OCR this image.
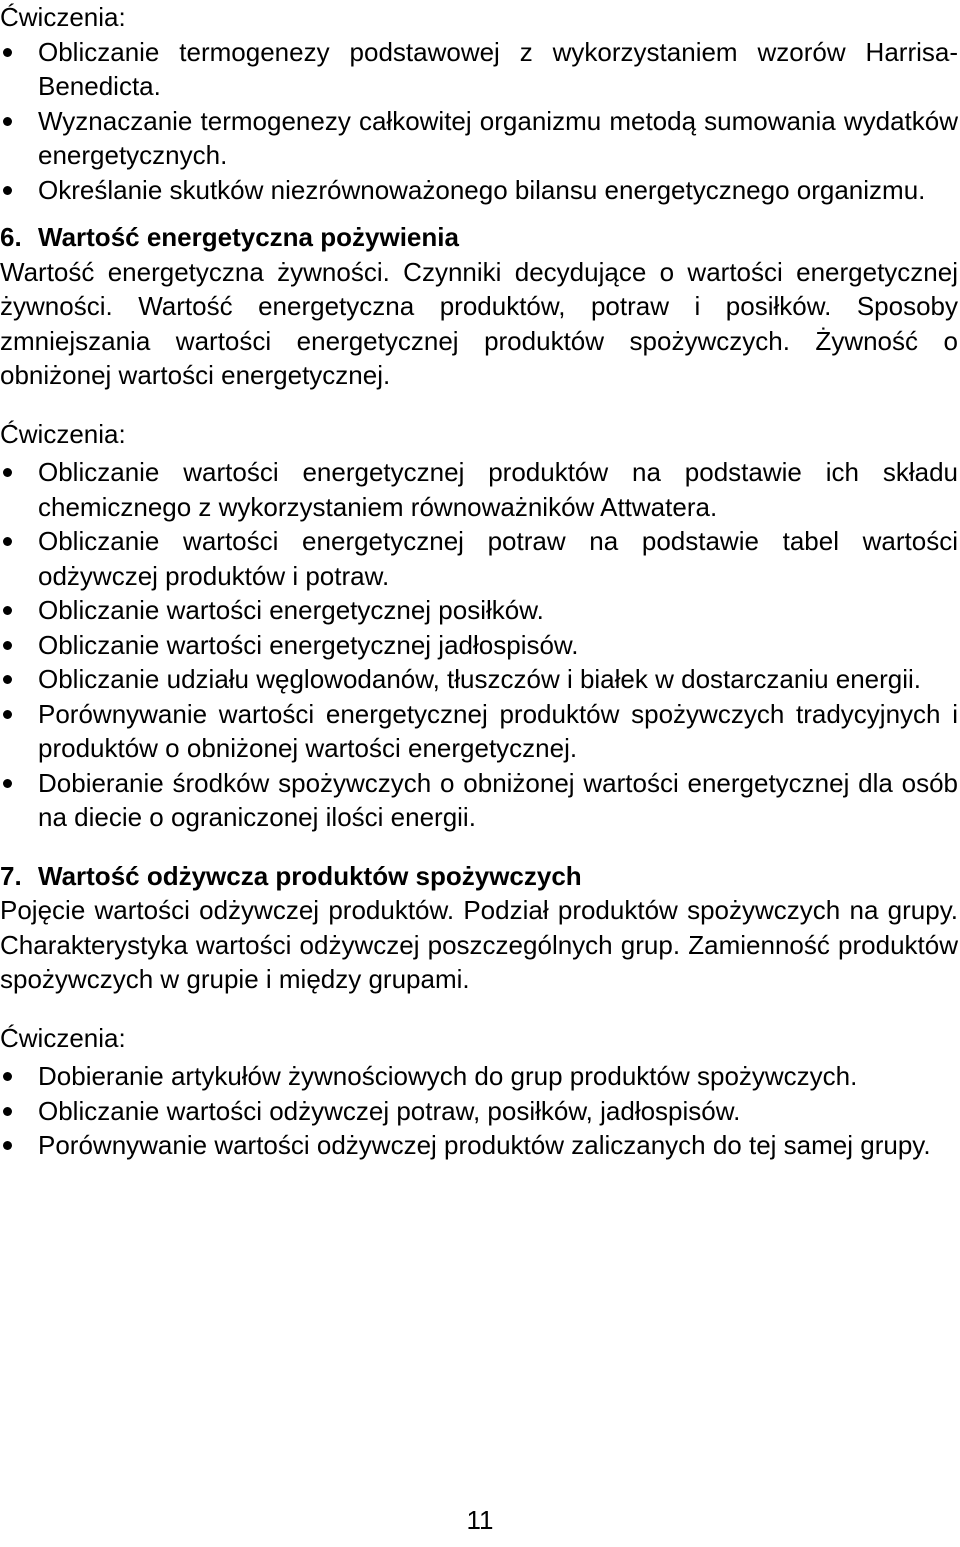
Ćwiczenia:

Obliczanie termogenezy podstawowej z wykorzystaniem wzorów Harrisa-Benedicta.
Wyznaczanie termogenezy całkowitej organizmu metodą sumowania wydatków energetycznych.
Określanie skutków niezrównoważonego bilansu energetycznego organizmu.

6. Wartość energetyczna pożywienia

Wartość energetyczna żywności. Czynniki decydujące o wartości energetycznej żywności. Wartość energetyczna produktów, potraw i posiłków. Sposoby zmniejszania wartości energetycznej produktów spożywczych. Żywność o obniżonej wartości energetycznej.

Ćwiczenia:

Obliczanie wartości energetycznej produktów na podstawie ich składu chemicznego z wykorzystaniem równoważników Attwatera.
Obliczanie wartości energetycznej potraw na podstawie tabel wartości odżywczej produktów i potraw.
Obliczanie wartości energetycznej posiłków.
Obliczanie wartości energetycznej jadłospisów.
Obliczanie udziału węglowodanów, tłuszczów i białek w dostarczaniu energii.
Porównywanie wartości energetycznej produktów spożywczych tradycyjnych i produktów o obniżonej wartości energetycznej.
Dobieranie środków spożywczych o obniżonej wartości energetycznej dla osób na diecie o ograniczonej ilości energii.

7. Wartość odżywcza produktów spożywczych

Pojęcie wartości odżywczej produktów. Podział produktów spożywczych na grupy. Charakterystyka wartości odżywczej poszczególnych grup. Zamienność produktów spożywczych w grupie i między grupami.

Ćwiczenia:

Dobieranie artykułów żywnościowych do grup produktów spożywczych.
Obliczanie wartości odżywczej potraw, posiłków, jadłospisów.
Porównywanie wartości odżywczej produktów zaliczanych do tej samej grupy.
11
